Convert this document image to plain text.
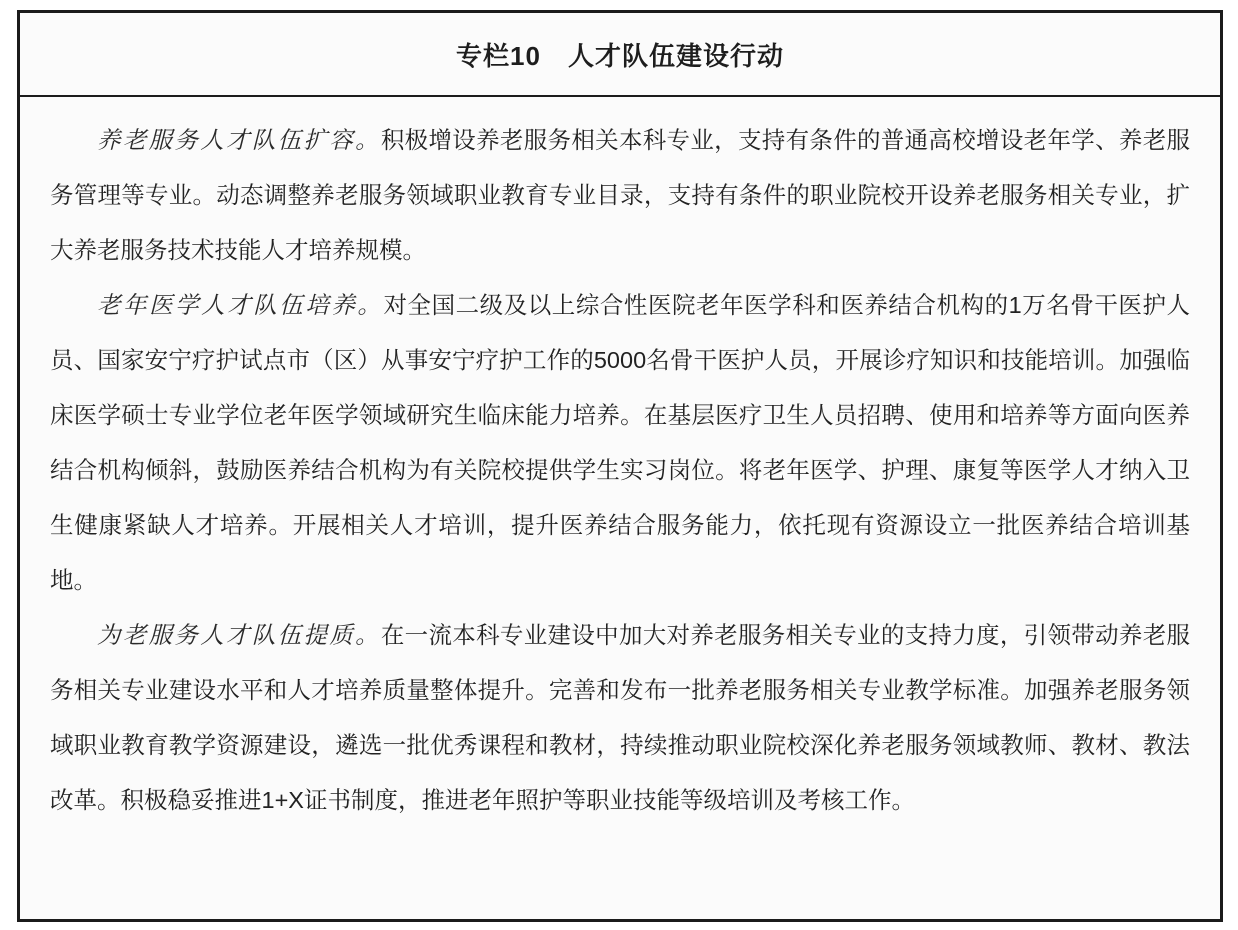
专栏10　人才队伍建设行动

养老服务人才队伍扩容。积极增设养老服务相关本科专业，支持有条件的普通高校增设老年学、养老服务管理等专业。动态调整养老服务领域职业教育专业目录，支持有条件的职业院校开设养老服务相关专业，扩大养老服务技术技能人才培养规模。

老年医学人才队伍培养。对全国二级及以上综合性医院老年医学科和医养结合机构的1万名骨干医护人员、国家安宁疗护试点市（区）从事安宁疗护工作的5000名骨干医护人员，开展诊疗知识和技能培训。加强临床医学硕士专业学位老年医学领域研究生临床能力培养。在基层医疗卫生人员招聘、使用和培养等方面向医养结合机构倾斜，鼓励医养结合机构为有关院校提供学生实习岗位。将老年医学、护理、康复等医学人才纳入卫生健康紧缺人才培养。开展相关人才培训，提升医养结合服务能力，依托现有资源设立一批医养结合培训基地。

为老服务人才队伍提质。在一流本科专业建设中加大对养老服务相关专业的支持力度，引领带动养老服务相关专业建设水平和人才培养质量整体提升。完善和发布一批养老服务相关专业教学标准。加强养老服务领域职业教育教学资源建设，遴选一批优秀课程和教材，持续推动职业院校深化养老服务领域教师、教材、教法改革。积极稳妥推进1+X证书制度，推进老年照护等职业技能等级培训及考核工作。
